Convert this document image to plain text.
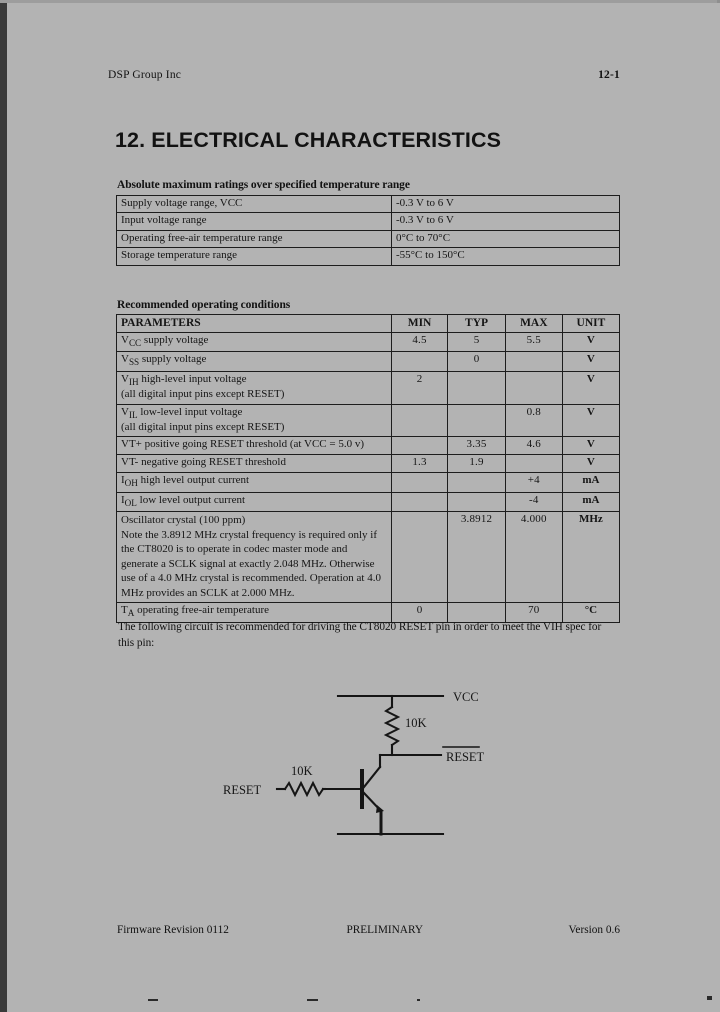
DSP Group Inc	12-1
12. ELECTRICAL CHARACTERISTICS
Absolute maximum ratings over specified temperature range
Supply voltage range, VCC	-0.3 V to 6 V
Input voltage range	-0.3 V to 6 V
Operating free-air temperature range	0°C to 70°C
Storage temperature range	-55°C to 150°C
Recommended operating conditions
PARAMETERS	MIN	TYP	MAX	UNIT
$V_{CC}$ supply voltage	4.5	5	5.5	V
$V_{SS}$ supply voltage		0		V
$V_{IH}$ high-level input voltage
(all digital input pins except RESET)	2			V
$V_{IL}$ low-level input voltage
(all digital input pins except RESET)			0.8	V
VT+ positive going RESET threshold (at VCC = 5.0 v)		3.35	4.6	V
VT- negative going RESET threshold	1.3	1.9		V
$I_{OH}$ high level output current			+4	mA
$I_{OL}$ low level output current			-4	mA
Oscillator crystal (100 ppm)
Note the 3.8912 MHz crystal frequency is required only if the CT8020 is to operate in codec master mode and generate a SCLK signal at exactly 2.048 MHz. Otherwise use of a 4.0 MHz crystal is recommended. Operation at 4.0 MHz provides an SCLK at 2.000 MHz.		3.8912	4.000	MHz
$T_A$ operating free-air temperature	0		70	°C
The following circuit is recommended for driving the CT8020 RESET pin in order to meet the VIH spec for this pin:
VCC
10K
RESET
10K
RESET
Firmware Revision 0112	PRELIMINARY	Version 0.6
